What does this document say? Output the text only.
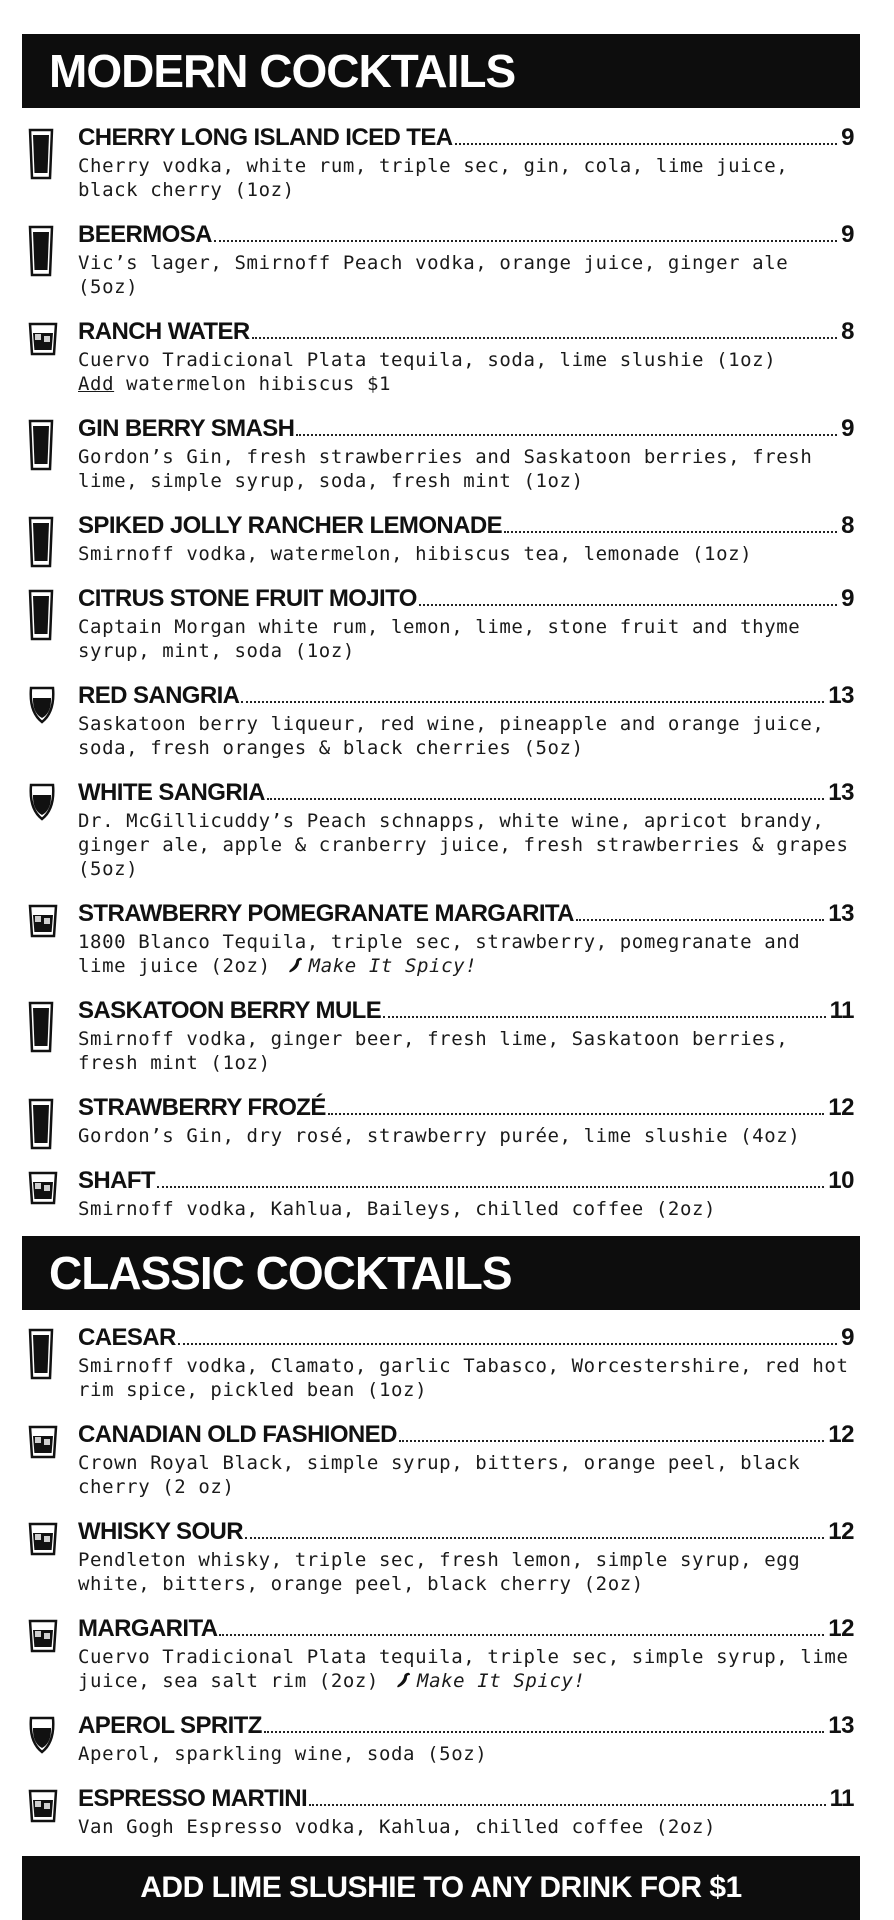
MODERN COCKTAILS
CHERRY LONG ISLAND ICED TEA	9
Cherry vodka, white rum, triple sec, gin, cola, lime juice, black cherry (1oz)
BEERMOSA	9
Vic’s lager, Smirnoff Peach vodka, orange juice, ginger ale (5oz)
RANCH WATER	8
Cuervo Tradicional Plata tequila, soda, lime slushie (1oz)
Add watermelon hibiscus $1
GIN BERRY SMASH	9
Gordon’s Gin, fresh strawberries and Saskatoon berries, fresh lime, simple syrup, soda, fresh mint (1oz)
SPIKED JOLLY RANCHER LEMONADE	8
Smirnoff vodka, watermelon, hibiscus tea, lemonade (1oz)
CITRUS STONE FRUIT MOJITO	9
Captain Morgan white rum, lemon, lime, stone fruit and thyme syrup, mint, soda (1oz)
RED SANGRIA	13
Saskatoon berry liqueur, red wine, pineapple and orange juice, soda, fresh oranges & black cherries (5oz)
WHITE SANGRIA	13
Dr. McGillicuddy’s Peach schnapps, white wine, apricot brandy, ginger ale, apple & cranberry juice, fresh strawberries & grapes (5oz)
STRAWBERRY POMEGRANATE MARGARITA	13
1800 Blanco Tequila, triple sec, strawberry, pomegranate and lime juice (2oz) Make It Spicy!
SASKATOON BERRY MULE	11
Smirnoff vodka, ginger beer, fresh lime, Saskatoon berries, fresh mint (1oz)
STRAWBERRY FROZÉ	12
Gordon’s Gin, dry rosé, strawberry purée, lime slushie (4oz)
SHAFT	10
Smirnoff vodka, Kahlua, Baileys, chilled coffee (2oz)
CLASSIC COCKTAILS
CAESAR	9
Smirnoff vodka, Clamato, garlic Tabasco, Worcestershire, red hot rim spice, pickled bean (1oz)
CANADIAN OLD FASHIONED	12
Crown Royal Black, simple syrup, bitters, orange peel, black cherry (2 oz)
WHISKY SOUR	12
Pendleton whisky, triple sec, fresh lemon, simple syrup, egg white, bitters, orange peel, black cherry (2oz)
MARGARITA	12
Cuervo Tradicional Plata tequila, triple sec, simple syrup, lime juice, sea salt rim (2oz) Make It Spicy!
APEROL SPRITZ	13
Aperol, sparkling wine, soda (5oz)
ESPRESSO MARTINI	11
Van Gogh Espresso vodka, Kahlua, chilled coffee (2oz)
ADD LIME SLUSHIE TO ANY DRINK FOR $1
